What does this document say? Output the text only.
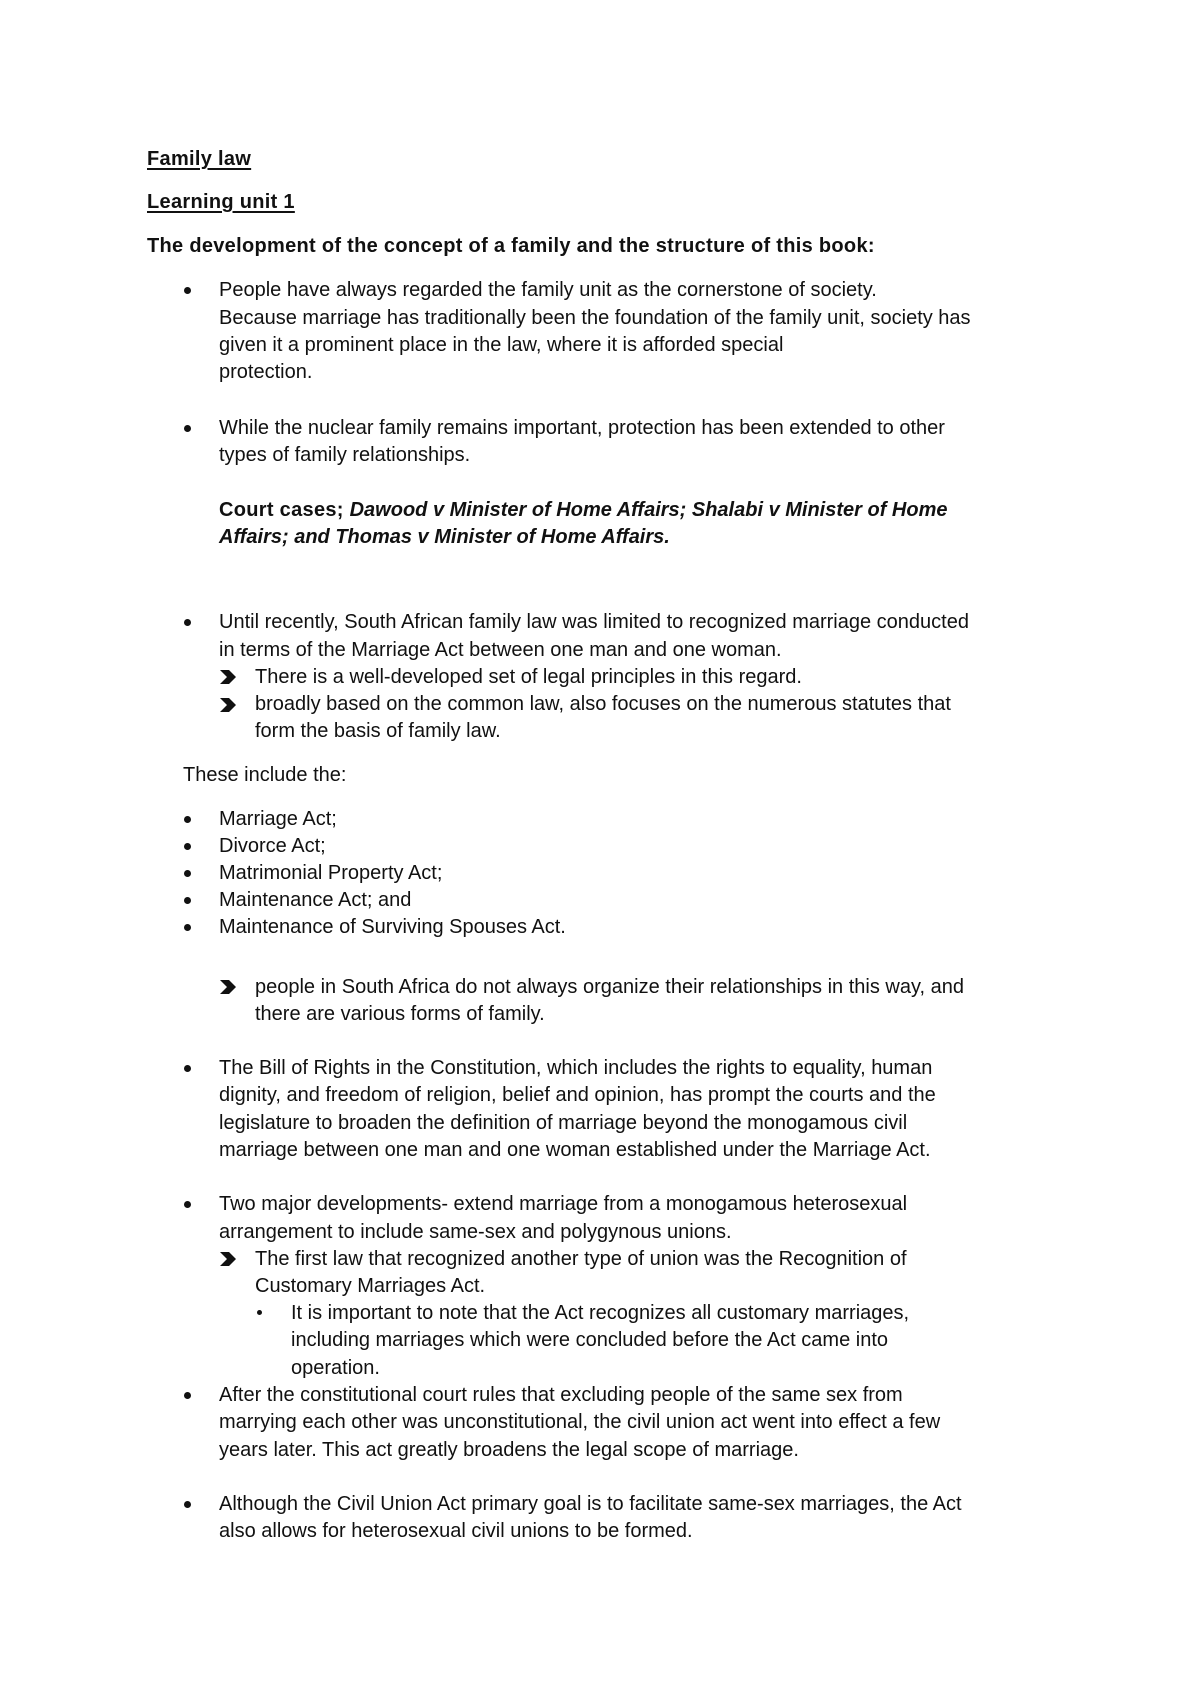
Family law
Learning unit 1
The development of the concept of a family and the structure of this book:
People have always regarded the family unit as the cornerstone of society.
Because marriage has traditionally been the foundation of the family unit, society has
given it a prominent place in the law, where it is afforded special
protection.
While the nuclear family remains important, protection has been extended to other
types of family relationships.
Court cases; Dawood v Minister of Home Affairs; Shalabi v Minister of Home
Affairs; and Thomas v Minister of Home Affairs.
Until recently, South African family law was limited to recognized marriage conducted
in terms of the Marriage Act between one man and one woman.
There is a well-developed set of legal principles in this regard.
broadly based on the common law, also focuses on the numerous statutes that
form the basis of family law.
These include the:
Marriage Act;
Divorce Act;
Matrimonial Property Act;
Maintenance Act; and
Maintenance of Surviving Spouses Act.
people in South Africa do not always organize their relationships in this way, and
there are various forms of family.
The Bill of Rights in the Constitution, which includes the rights to equality, human
dignity, and freedom of religion, belief and opinion, has prompt the courts and the
legislature to broaden the definition of marriage beyond the monogamous civil
marriage between one man and one woman established under the Marriage Act.
Two major developments- extend marriage from a monogamous heterosexual
arrangement to include same-sex and polygynous unions.
The first law that recognized another type of union was the Recognition of
Customary Marriages Act.
It is important to note that the Act recognizes all customary marriages,
including marriages which were concluded before the Act came into
operation.
After the constitutional court rules that excluding people of the same sex from
marrying each other was unconstitutional, the civil union act went into effect a few
years later. This act greatly broadens the legal scope of marriage.
Although the Civil Union Act primary goal is to facilitate same-sex marriages, the Act
also allows for heterosexual civil unions to be formed.
